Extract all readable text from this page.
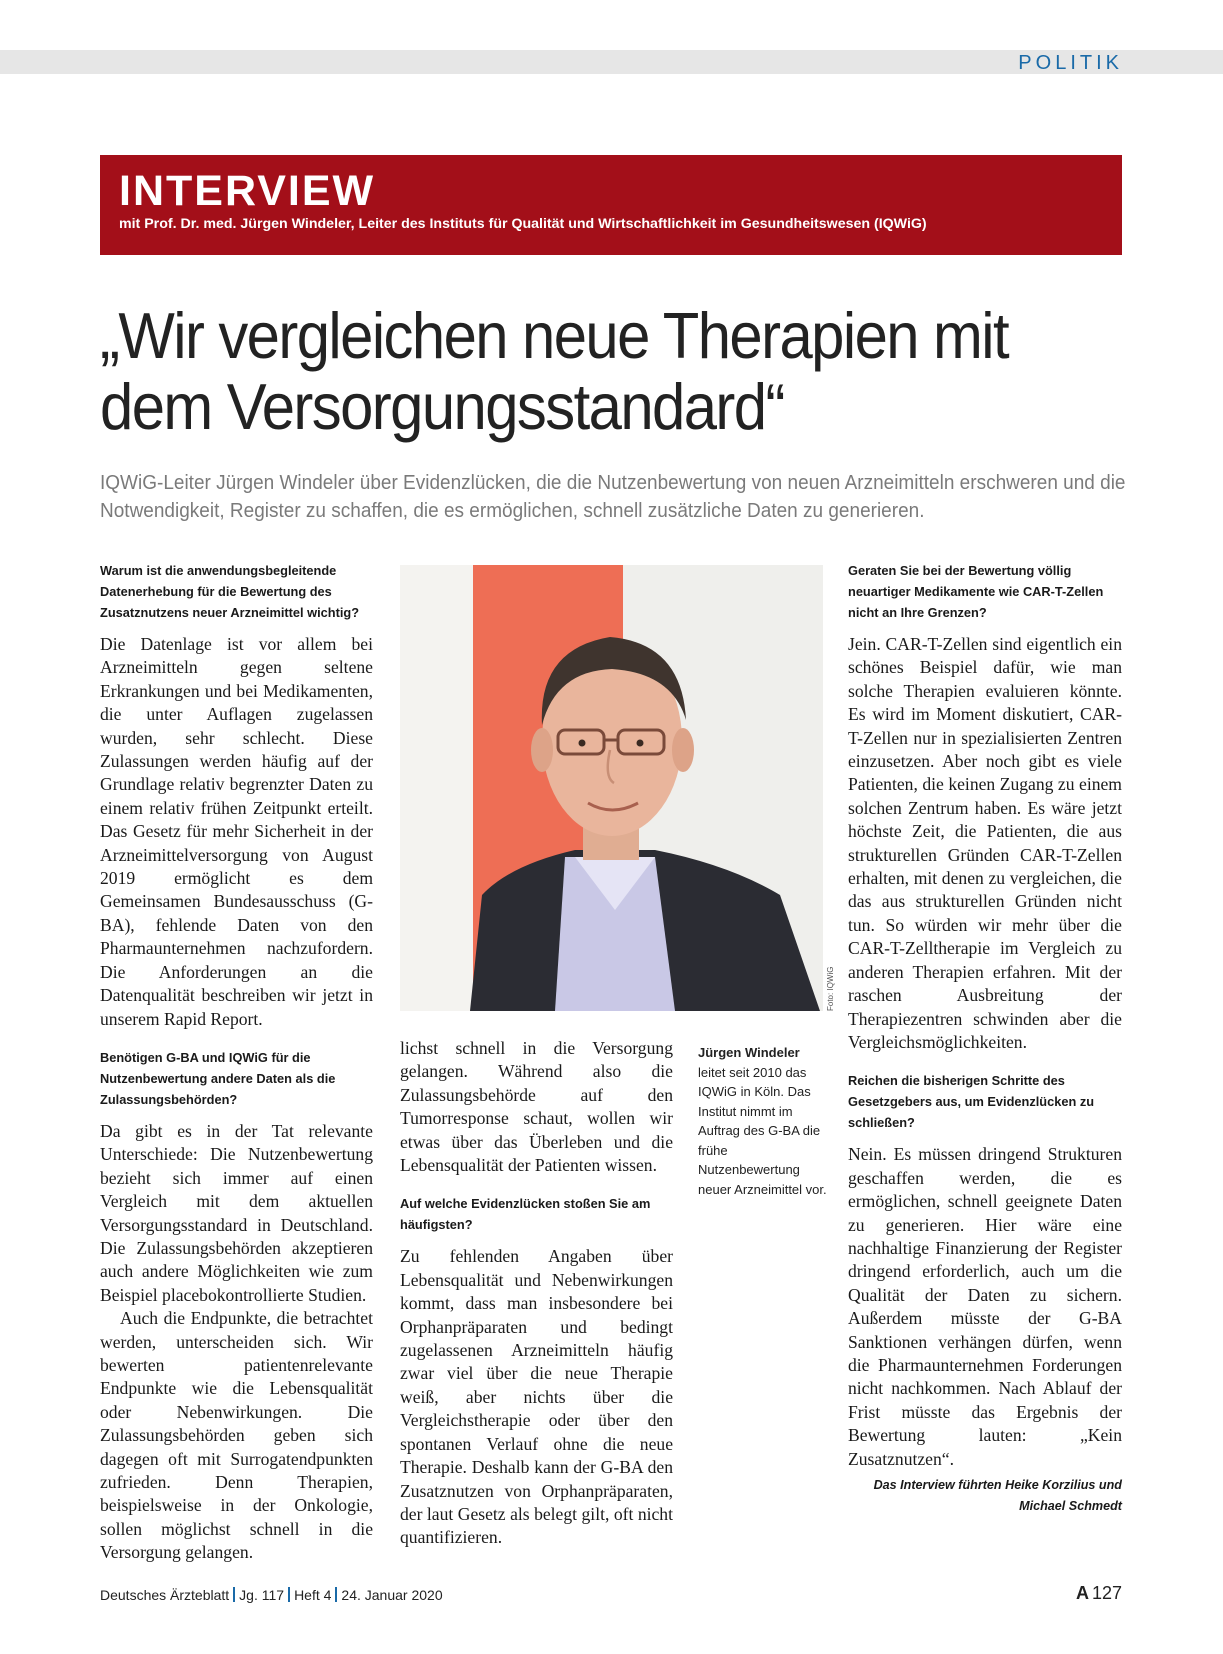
POLITIK
INTERVIEW
mit Prof. Dr. med. Jürgen Windeler, Leiter des Instituts für Qualität und Wirtschaftlichkeit im Gesundheitswesen (IQWiG)
„Wir vergleichen neue Therapien mit
dem Versorgungsstandard“
IQWiG-Leiter Jürgen Windeler über Evidenzlücken, die die Nutzenbewertung von neuen Arzneimitteln erschweren und die Notwendigkeit, Register zu schaffen, die es ermöglichen, schnell zusätzliche Daten zu generieren.

Warum ist die anwendungsbegleitende Datenerhebung für die Bewertung des Zusatznutzens neuer Arzneimittel wichtig?

Die Datenlage ist vor allem bei Arzneimitteln gegen seltene Erkrankungen und bei Medikamenten, die unter Auflagen zugelassen wurden, sehr schlecht. Diese Zulassungen werden häufig auf der Grundlage relativ begrenzter Daten zu einem relativ frühen Zeitpunkt erteilt. Das Gesetz für mehr Sicherheit in der Arzneimittelversorgung von August 2019 ermöglicht es dem Gemeinsamen Bundesausschuss (G-BA), fehlende Daten von den Pharmaunternehmen nachzufordern. Die Anforderungen an die Datenqualität beschreiben wir jetzt in unserem Rapid Report.

Benötigen G-BA und IQWiG für die Nutzenbewertung andere Daten als die Zulassungsbehörden?

Da gibt es in der Tat relevante Unterschiede: Die Nutzenbewertung bezieht sich immer auf einen Vergleich mit dem aktuellen Versorgungsstandard in Deutschland. Die Zulassungsbehörden akzeptieren auch andere Möglichkeiten wie zum Beispiel placebokontrollierte Studien.

Auch die Endpunkte, die betrachtet werden, unterscheiden sich. Wir bewerten patientenrelevante Endpunkte wie die Lebensqualität oder Nebenwirkungen. Die Zulassungsbehörden geben sich dagegen oft mit Surrogatendpunkten zufrieden. Denn Therapien, beispielsweise in der Onkologie, sollen möglichst schnell in die Versorgung gelangen.

Foto: IQWiG

lichst schnell in die Versorgung gelangen. Während also die Zulassungsbehörde auf den Tumorresponse schaut, wollen wir etwas über das Überleben und die Lebensqualität der Patienten wissen.

Auf welche Evidenzlücken stoßen Sie am häufigsten?

Zu fehlenden Angaben über Lebensqualität und Nebenwirkungen kommt, dass man insbesondere bei Orphanpräparaten und bedingt zugelassenen Arzneimitteln häufig zwar viel über die neue Therapie weiß, aber nichts über die Vergleichstherapie oder über den spontanen Verlauf ohne die neue Therapie. Deshalb kann der G-BA den Zusatznutzen von Orphanpräparaten, der laut Gesetz als belegt gilt, oft nicht quantifizieren.

Jürgen Windeler
leitet seit 2010 das IQWiG in Köln. Das Institut nimmt im Auftrag des G-BA die frühe Nutzenbewertung neuer Arzneimittel vor.

Geraten Sie bei der Bewertung völlig neuartiger Medikamente wie CAR-T-Zellen nicht an Ihre Grenzen?

Jein. CAR-T-Zellen sind eigentlich ein schönes Beispiel dafür, wie man solche Therapien evaluieren könnte. Es wird im Moment diskutiert, CAR-T-Zellen nur in spezialisierten Zentren einzusetzen. Aber noch gibt es viele Patienten, die keinen Zugang zu einem solchen Zentrum haben. Es wäre jetzt höchste Zeit, die Patienten, die aus strukturellen Gründen CAR-T-Zellen erhalten, mit denen zu vergleichen, die das aus strukturellen Gründen nicht tun. So würden wir mehr über die CAR-T-Zelltherapie im Vergleich zu anderen Therapien erfahren. Mit der raschen Ausbreitung der Therapiezentren schwinden aber die Vergleichsmöglichkeiten.

Reichen die bisherigen Schritte des Gesetzgebers aus, um Evidenzlücken zu schließen?

Nein. Es müssen dringend Strukturen geschaffen werden, die es ermöglichen, schnell geeignete Daten zu generieren. Hier wäre eine nachhaltige Finanzierung der Register dringend erforderlich, auch um die Qualität der Daten zu sichern. Außerdem müsste der G-BA Sanktionen verhängen dürfen, wenn die Pharmaunternehmen Forderungen nicht nachkommen. Nach Ablauf der Frist müsste das Ergebnis der Bewertung lauten: „Kein Zusatznutzen“.

Das Interview führten Heike Korzilius und

Michael Schmedt

Deutsches Ärzteblatt Jg. 117 Heft 4 24. Januar 2020	A 127
